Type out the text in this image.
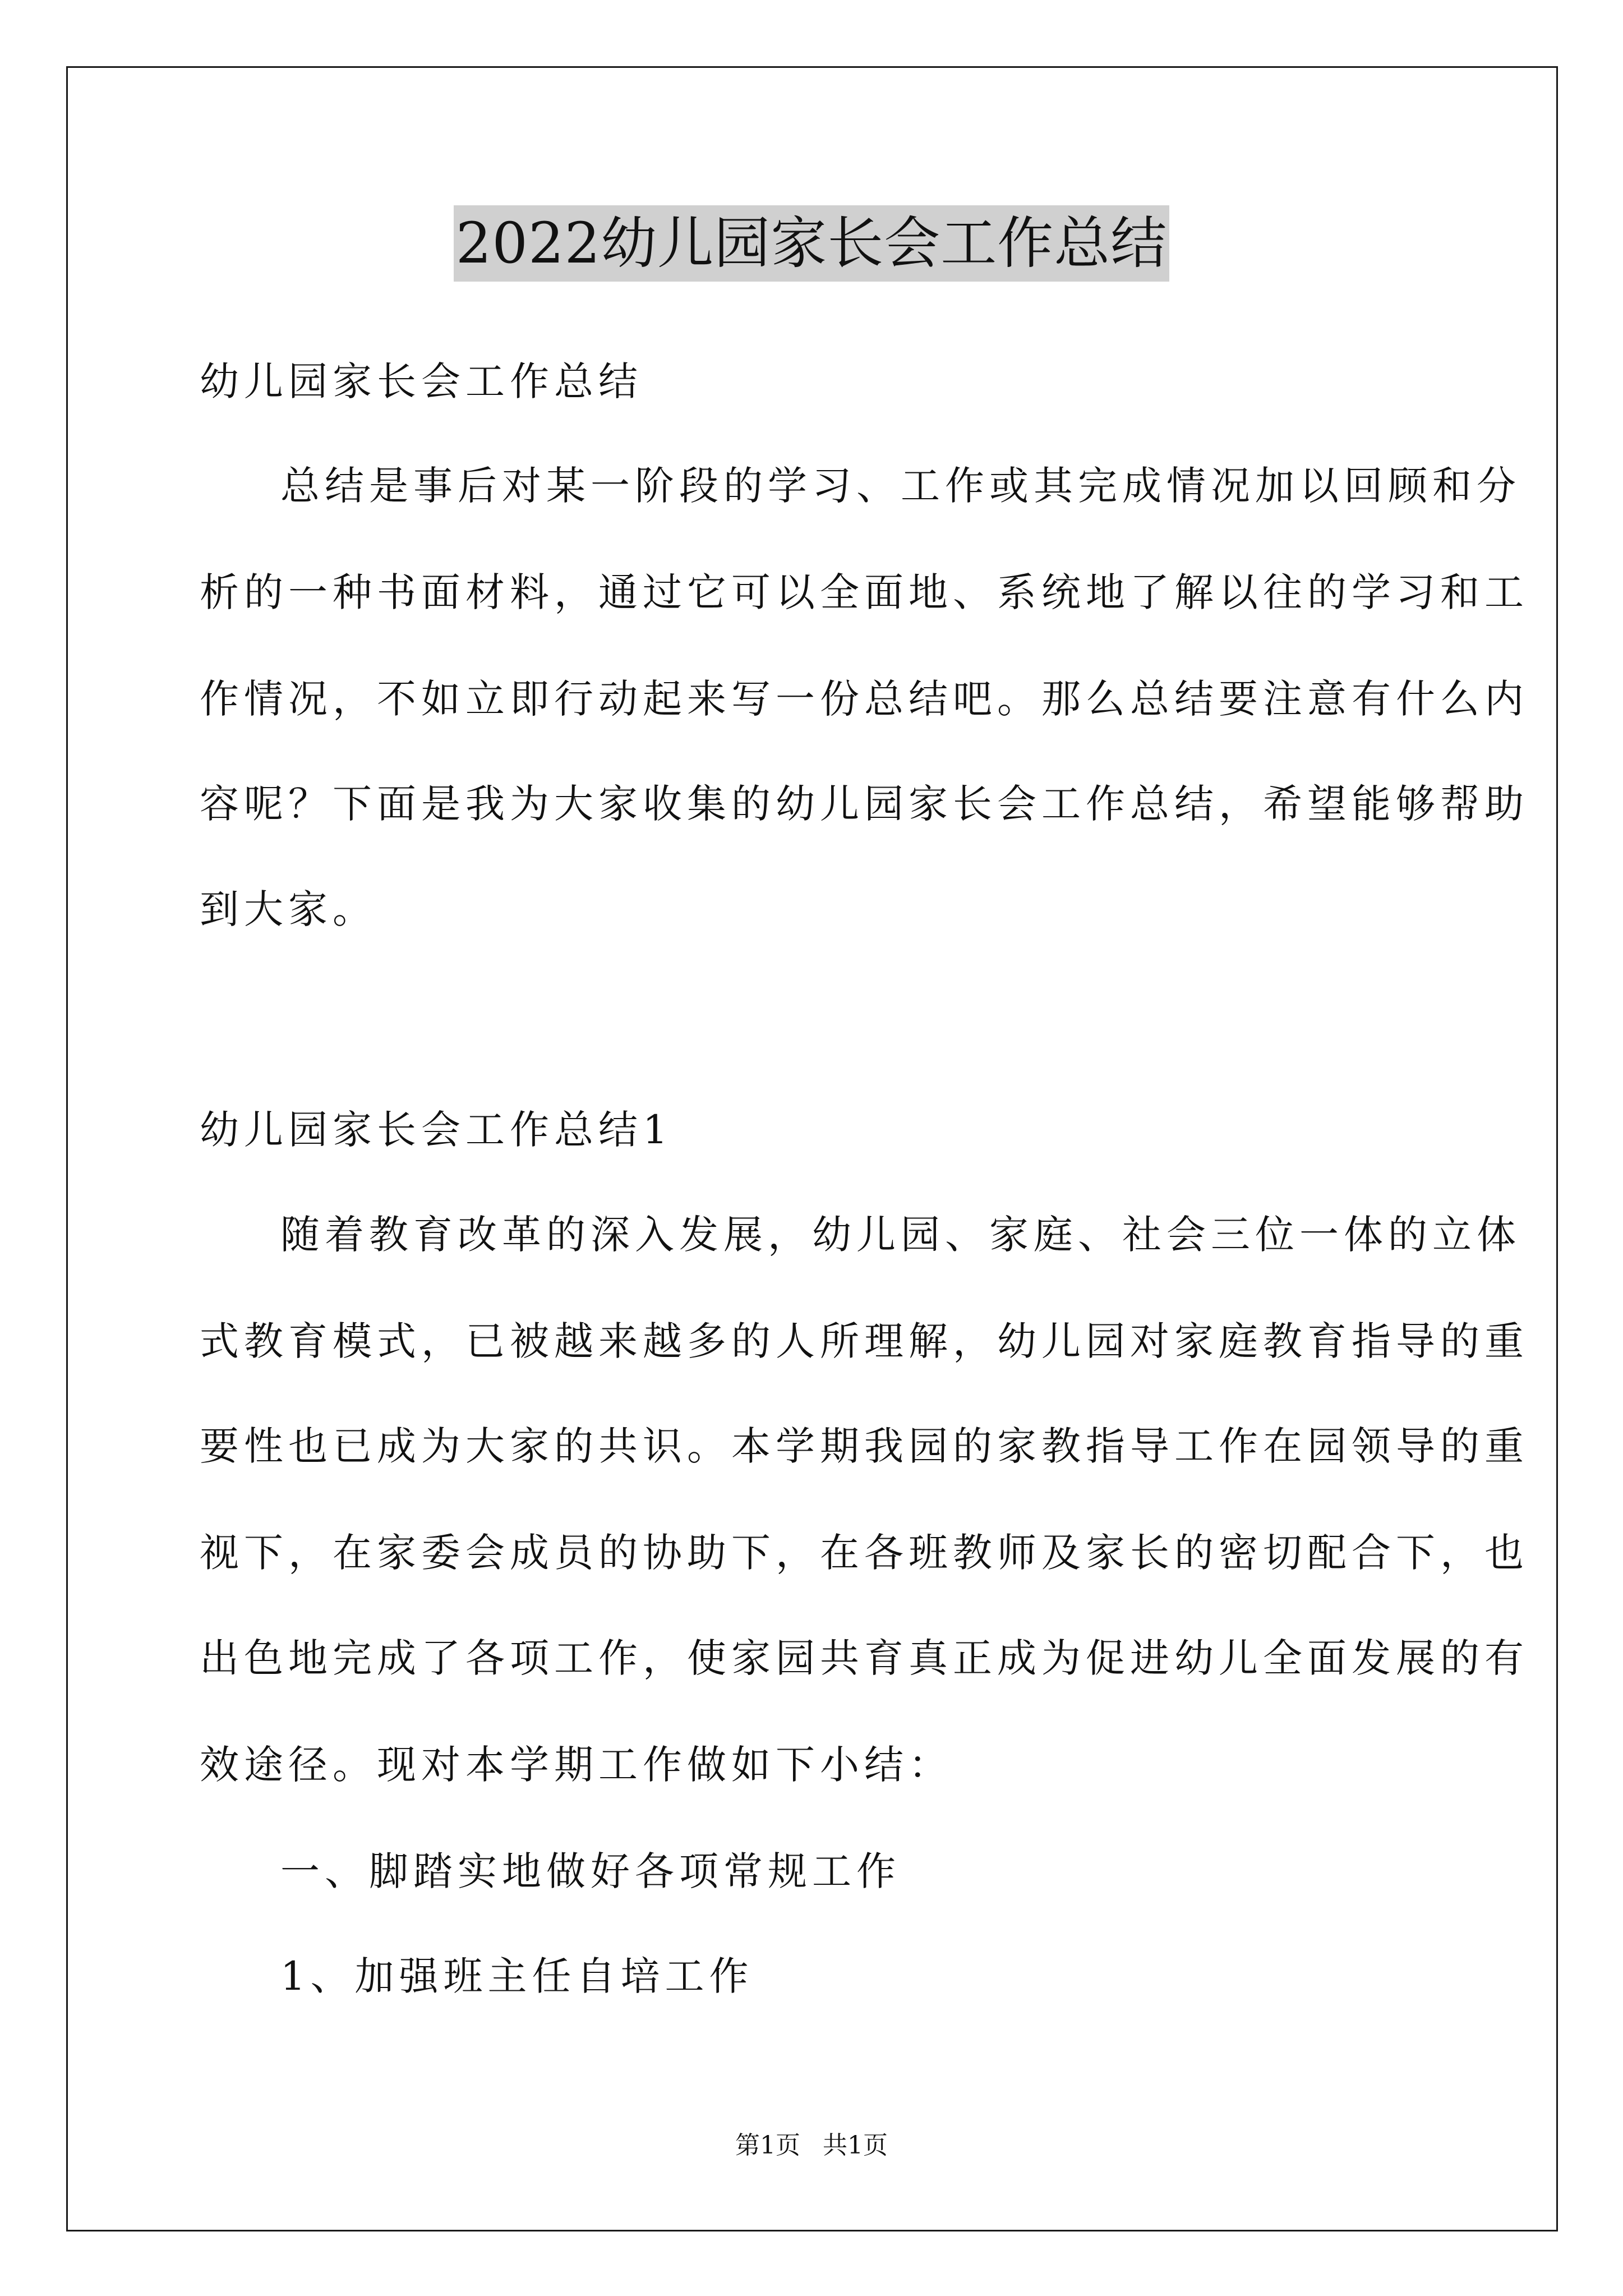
2022幼儿园家长会工作总结
幼儿园家长会工作总结
总结是事后对某一阶段的学习、工作或其完成情况加以回顾和分
析的一种书面材料，通过它可以全面地、系统地了解以往的学习和工
作情况，不如立即行动起来写一份总结吧。那么总结要注意有什么内
容呢？下面是我为大家收集的幼儿园家长会工作总结，希望能够帮助
到大家。
幼儿园家长会工作总结1
随着教育改革的深入发展，幼儿园、家庭、社会三位一体的立体
式教育模式，已被越来越多的人所理解，幼儿园对家庭教育指导的重
要性也已成为大家的共识。本学期我园的家教指导工作在园领导的重
视下，在家委会成员的协助下，在各班教师及家长的密切配合下，也
出色地完成了各项工作，使家园共育真正成为促进幼儿全面发展的有
效途径。现对本学期工作做如下小结：
一、脚踏实地做好各项常规工作
1、加强班主任自培工作
第1页 共1页
